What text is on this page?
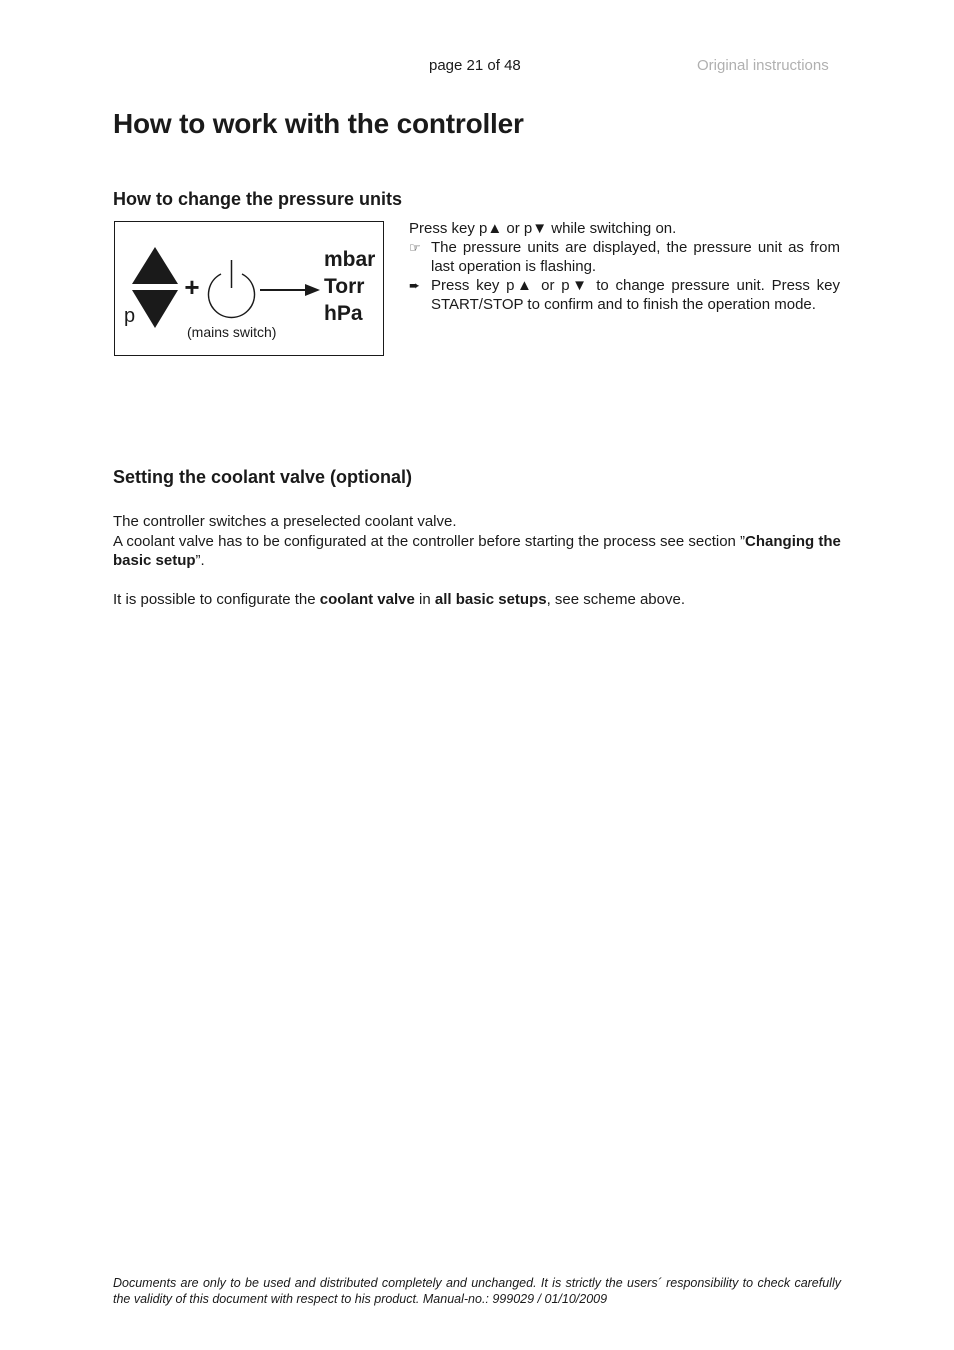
page 21 of 48	Original instructions
How to work with the controller
How to change the pressure units
+
p
(mains switch)
mbar
Torr
hPa

Press key p▲ or p▼ while switching on.

☞ The pressure units are displayed, the pressure unit as from last operation is flashing.
➨ Press key p▲ or p▼ to change pressure unit. Press key START/STOP to confirm and to finish the operation mode.
Setting the coolant valve (optional)

The controller switches a preselected coolant valve.

A coolant valve has to be configurated at the controller before starting the process see section ”Changing the basic setup”.

It is possible to configurate the coolant valve in all basic setups, see scheme above.

Documents are only to be used and distributed completely and unchanged. It is strictly the users´ responsibility to check carefully the validity of this document with respect to his product. Manual-no.: 999029 / 01/10/2009
